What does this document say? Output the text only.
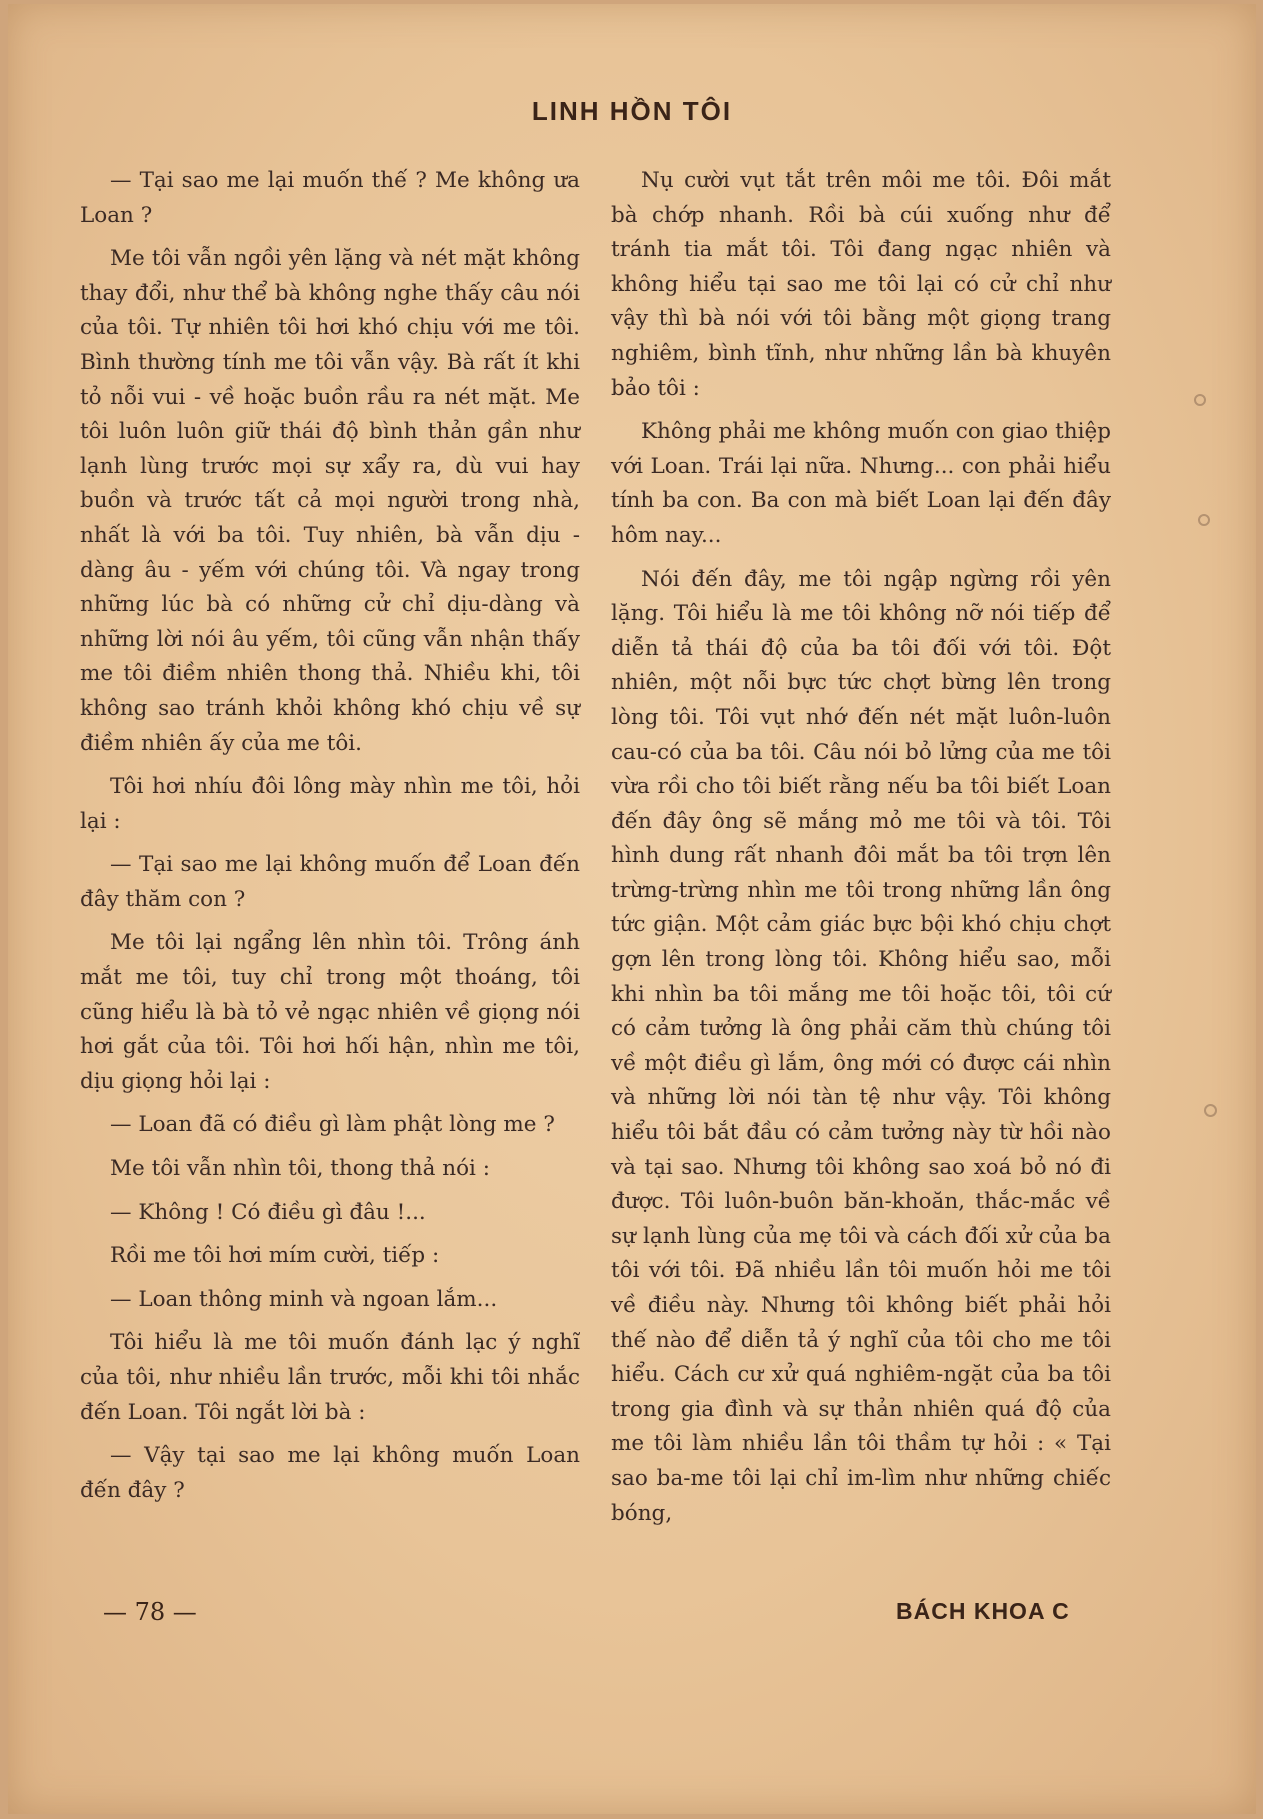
LINH HỒN TÔI

— Tại sao me lại muốn thế ? Me không ưa Loan ?

Me tôi vẫn ngồi yên lặng và nét mặt không thay đổi, như thể bà không nghe thấy câu nói của tôi. Tự nhiên tôi hơi khó chịu với me tôi. Bình thường tính me tôi vẫn vậy. Bà rất ít khi tỏ nỗi vui - về hoặc buồn rầu ra nét mặt. Me tôi luôn luôn giữ thái độ bình thản gần như lạnh lùng trước mọi sự xẩy ra, dù vui hay buồn và trước tất cả mọi người trong nhà, nhất là với ba tôi. Tuy nhiên, bà vẫn dịu - dàng âu - yếm với chúng tôi. Và ngay trong những lúc bà có những cử chỉ dịu-dàng và những lời nói âu yếm, tôi cũng vẫn nhận thấy me tôi điềm nhiên thong thả. Nhiều khi, tôi không sao tránh khỏi không khó chịu về sự điềm nhiên ấy của me tôi.

Tôi hơi nhíu đôi lông mày nhìn me tôi, hỏi lại :

— Tại sao me lại không muốn để Loan đến đây thăm con ?

Me tôi lại ngẩng lên nhìn tôi. Trông ánh mắt me tôi, tuy chỉ trong một thoáng, tôi cũng hiểu là bà tỏ vẻ ngạc nhiên về giọng nói hơi gắt của tôi. Tôi hơi hối hận, nhìn me tôi, dịu giọng hỏi lại :

— Loan đã có điều gì làm phật lòng me ?

Me tôi vẫn nhìn tôi, thong thả nói :

— Không ! Có điều gì đâu !...

Rồi me tôi hơi mím cười, tiếp :

— Loan thông minh và ngoan lắm...

Tôi hiểu là me tôi muốn đánh lạc ý nghĩ của tôi, như nhiều lần trước, mỗi khi tôi nhắc đến Loan. Tôi ngắt lời bà :

— Vậy tại sao me lại không muốn Loan đến đây ?

Nụ cười vụt tắt trên môi me tôi. Đôi mắt bà chớp nhanh. Rồi bà cúi xuống như để tránh tia mắt tôi. Tôi đang ngạc nhiên và không hiểu tại sao me tôi lại có cử chỉ như vậy thì bà nói với tôi bằng một giọng trang nghiêm, bình tĩnh, như những lần bà khuyên bảo tôi :

Không phải me không muốn con giao thiệp với Loan. Trái lại nữa. Nhưng... con phải hiểu tính ba con. Ba con mà biết Loan lại đến đây hôm nay...

Nói đến đây, me tôi ngập ngừng rồi yên lặng. Tôi hiểu là me tôi không nỡ nói tiếp để diễn tả thái độ của ba tôi đối với tôi. Đột nhiên, một nỗi bực tức chợt bừng lên trong lòng tôi. Tôi vụt nhớ đến nét mặt luôn-luôn cau-có của ba tôi. Câu nói bỏ lửng của me tôi vừa rồi cho tôi biết rằng nếu ba tôi biết Loan đến đây ông sẽ mắng mỏ me tôi và tôi. Tôi hình dung rất nhanh đôi mắt ba tôi trợn lên trừng-trừng nhìn me tôi trong những lần ông tức giận. Một cảm giác bực bội khó chịu chợt gợn lên trong lòng tôi. Không hiểu sao, mỗi khi nhìn ba tôi mắng me tôi hoặc tôi, tôi cứ có cảm tưởng là ông phải căm thù chúng tôi về một điều gì lắm, ông mới có được cái nhìn và những lời nói tàn tệ như vậy. Tôi không hiểu tôi bắt đầu có cảm tưởng này từ hồi nào và tại sao. Nhưng tôi không sao xoá bỏ nó đi được. Tôi luôn-buôn băn-khoăn, thắc-mắc về sự lạnh lùng của mẹ tôi và cách đối xử của ba tôi với tôi. Đã nhiều lần tôi muốn hỏi me tôi về điều này. Nhưng tôi không biết phải hỏi thế nào để diễn tả ý nghĩ của tôi cho me tôi hiểu. Cách cư xử quá nghiêm-ngặt của ba tôi trong gia đình và sự thản nhiên quá độ của me tôi làm nhiều lần tôi thầm tự hỏi : « Tại sao ba-me tôi lại chỉ im-lìm như những chiếc bóng,

— 78 —	BÁCH KHOA C
